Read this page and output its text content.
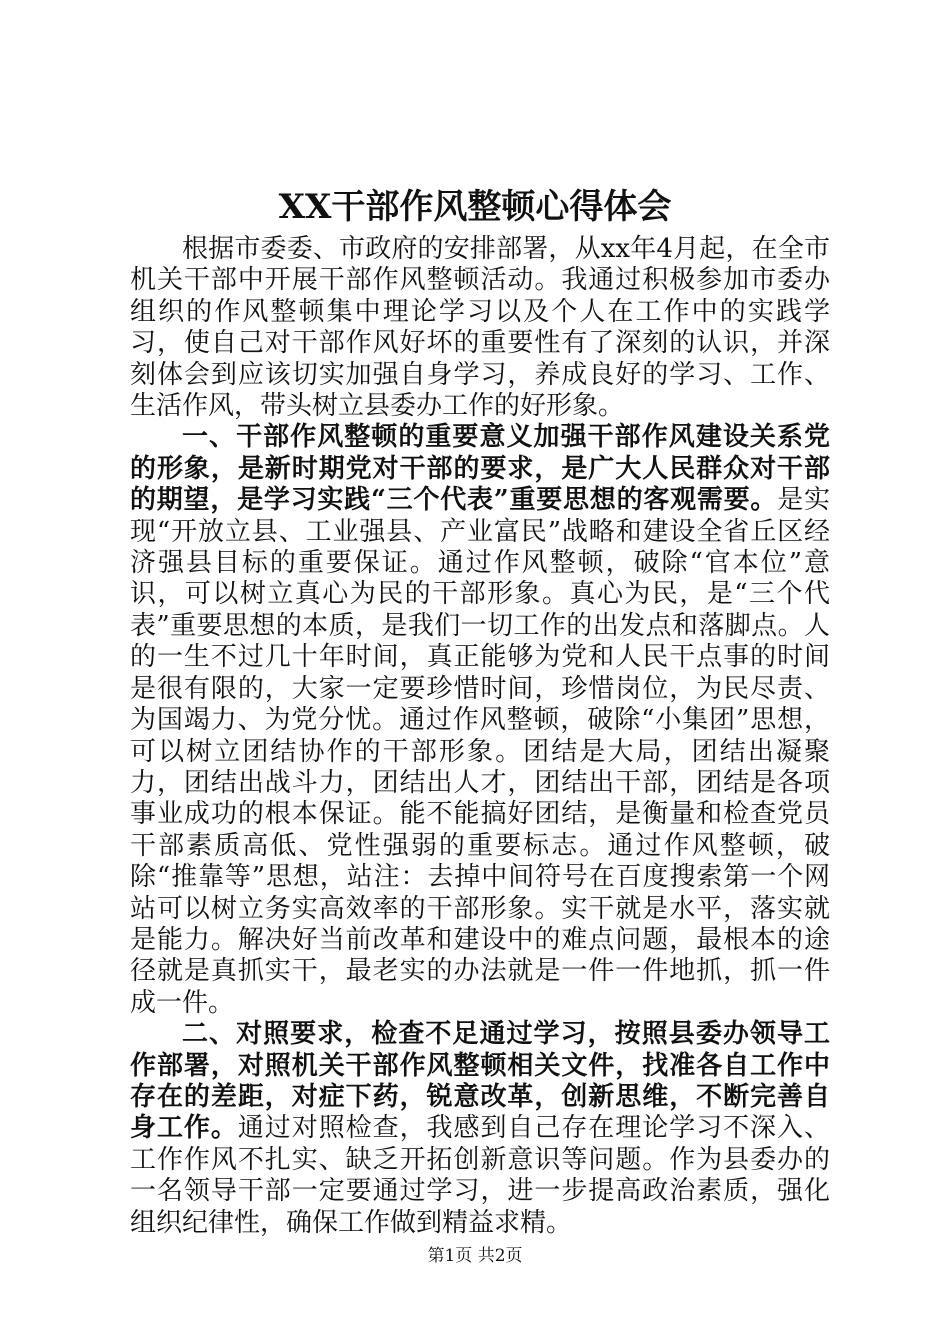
XX干部作风整顿心得体会

根据市委委、市政府的安排部署，从xx年4月起，在全市机关干部中开展干部作风整顿活动。我通过积极参加市委办组织的作风整顿集中理论学习以及个人在工作中的实践学习，使自己对干部作风好坏的重要性有了深刻的认识，并深刻体会到应该切实加强自身学习，养成良好的学习、工作、生活作风，带头树立县委办工作的好形象。

一、干部作风整顿的重要意义加强干部作风建设关系党的形象，是新时期党对干部的要求，是广大人民群众对干部的期望，是学习实践“三个代表”重要思想的客观需要。是实现“开放立县、工业强县、产业富民”战略和建设全省丘区经济强县目标的重要保证。通过作风整顿，破除“官本位”意识，可以树立真心为民的干部形象。真心为民，是“三个代表”重要思想的本质，是我们一切工作的出发点和落脚点。人的一生不过几十年时间，真正能够为党和人民干点事的时间是很有限的，大家一定要珍惜时间，珍惜岗位，为民尽责、为国竭力、为党分忧。通过作风整顿，破除“小集团”思想，可以树立团结协作的干部形象。团结是大局，团结出凝聚力，团结出战斗力，团结出人才，团结出干部，团结是各项事业成功的根本保证。能不能搞好团结，是衡量和检查党员干部素质高低、党性强弱的重要标志。通过作风整顿，破除“推靠等”思想，站注：去掉中间符号在百度搜索第一个网站可以树立务实高效率的干部形象。实干就是水平，落实就是能力。解决好当前改革和建设中的难点问题，最根本的途径就是真抓实干，最老实的办法就是一件一件地抓，抓一件成一件。

二、对照要求，检查不足通过学习，按照县委办领导工作部署，对照机关干部作风整顿相关文件，找准各自工作中存在的差距，对症下药，锐意改革，创新思维，不断完善自身工作。通过对照检查，我感到自己存在理论学习不深入、工作作风不扎实、缺乏开拓创新意识等问题。作为县委办的一名领导干部一定要通过学习，进一步提高政治素质，强化组织纪律性，确保工作做到精益求精。

第1页 共2页
